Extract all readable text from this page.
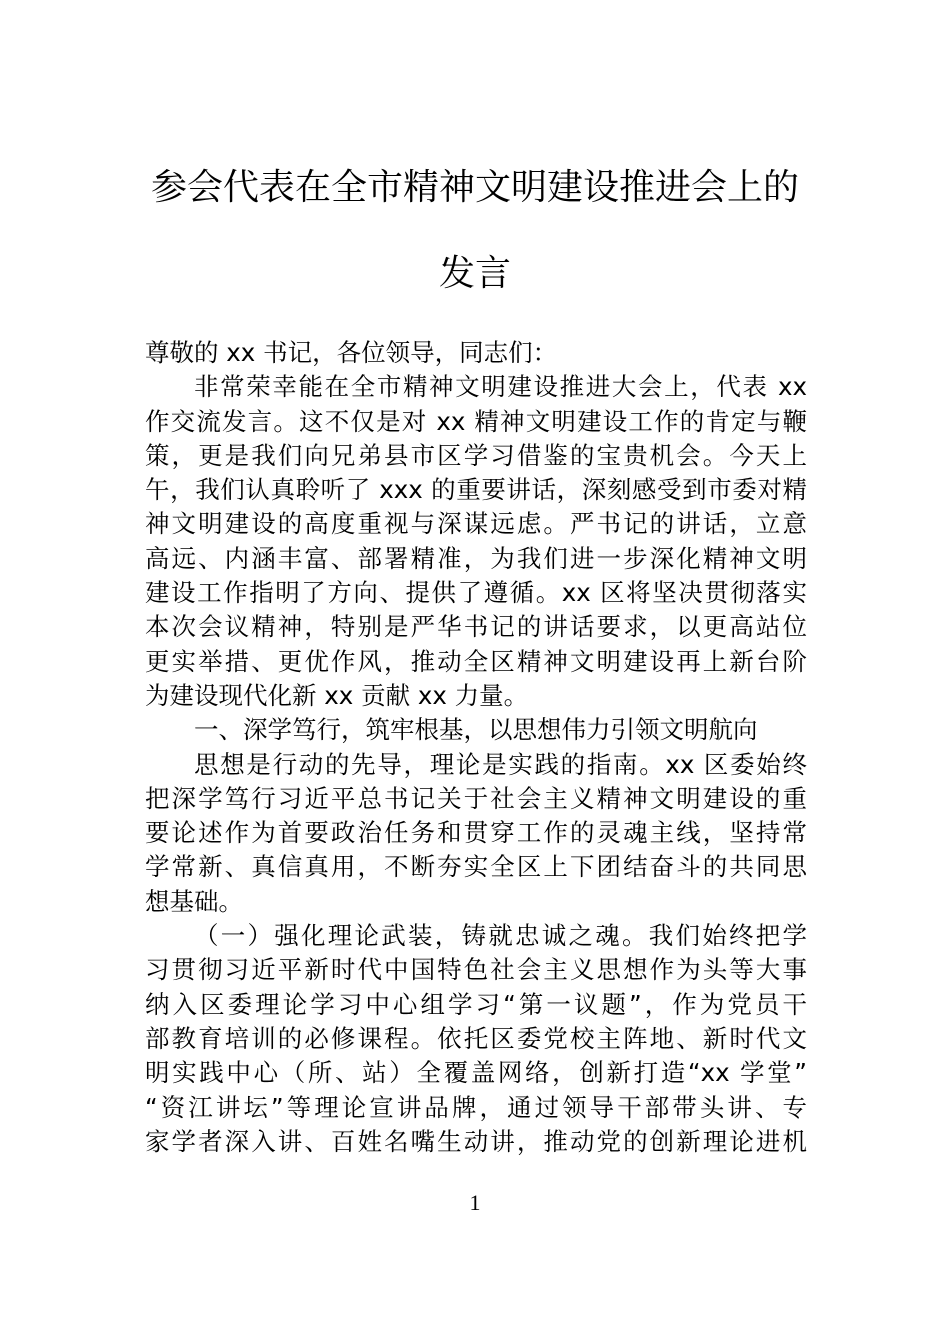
参会代表在全市精神文明建设推进会上的
发言
尊敬的 xx 书记，各位领导，同志们：
非常荣幸能在全市精神文明建设推进大会上，代表 xx
作交流发言。这不仅是对 xx 精神文明建设工作的肯定与鞭
策，更是我们向兄弟县市区学习借鉴的宝贵机会。今天上
午，我们认真聆听了 xxx 的重要讲话，深刻感受到市委对精
神文明建设的高度重视与深谋远虑。严书记的讲话，立意
高远、内涵丰富、部署精准，为我们进一步深化精神文明
建设工作指明了方向、提供了遵循。xx 区将坚决贯彻落实
本次会议精神，特别是严华书记的讲话要求，以更高站位
更实举措、更优作风，推动全区精神文明建设再上新台阶
为建设现代化新 xx 贡献 xx 力量。
一、深学笃行，筑牢根基，以思想伟力引领文明航向
思想是行动的先导，理论是实践的指南。xx 区委始终
把深学笃行习近平总书记关于社会主义精神文明建设的重
要论述作为首要政治任务和贯穿工作的灵魂主线，坚持常
学常新、真信真用，不断夯实全区上下团结奋斗的共同思
想基础。
（一）强化理论武装，铸就忠诚之魂。我们始终把学
习贯彻习近平新时代中国特色社会主义思想作为头等大事
纳入区委理论学习中心组学习“第一议题”，作为党员干
部教育培训的必修课程。依托区委党校主阵地、新时代文
明实践中心（所、站）全覆盖网络，创新打造“xx 学堂”
“资江讲坛”等理论宣讲品牌，通过领导干部带头讲、专
家学者深入讲、百姓名嘴生动讲，推动党的创新理论进机
1
